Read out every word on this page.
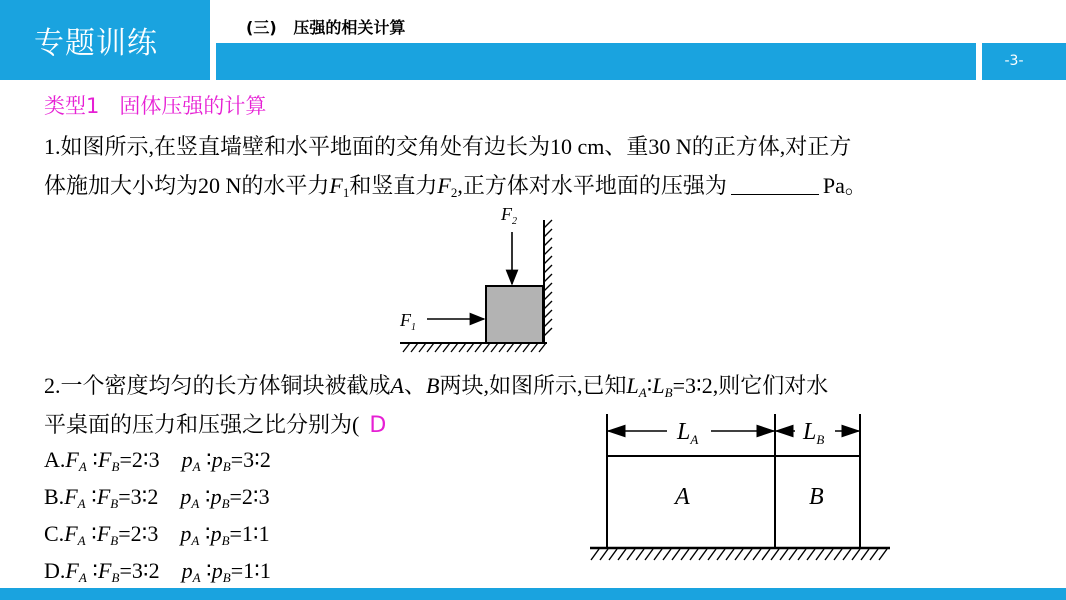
专题训练	(三)   压强的相关计算
-3-
类型1   固体压强的计算
1.如图所示,在竖直墙壁和水平地面的交角处有边长为10 cm、重30 N的正方体,对正方
体施加大小均为20 N的水平力$F_1$和竖直力$F_2$,正方体对水平地面的压强为	Pa。
$F_2$
$F_1$
2.一个密度均匀的长方体铜块被截成A、B两块,如图所示,已知$L_A∶L_B=3∶2$,则它们对水
平桌面的压力和压强之比分别为( D
$A.F_A$ $∶F_B=2∶3$ $p_A$ $∶p_B=3∶2$
$B.F_A$ $∶F_B=3∶2$ $p_A$ $∶p_B=2∶3$
$C.F_A$ $∶F_B=2∶3$ $p_A$ $∶p_B=1∶1$
$D.F_A$ $∶F_B=3∶2$ $p_A$ $∶p_B=1∶1$
$L_A$	$L_B$
A	B
